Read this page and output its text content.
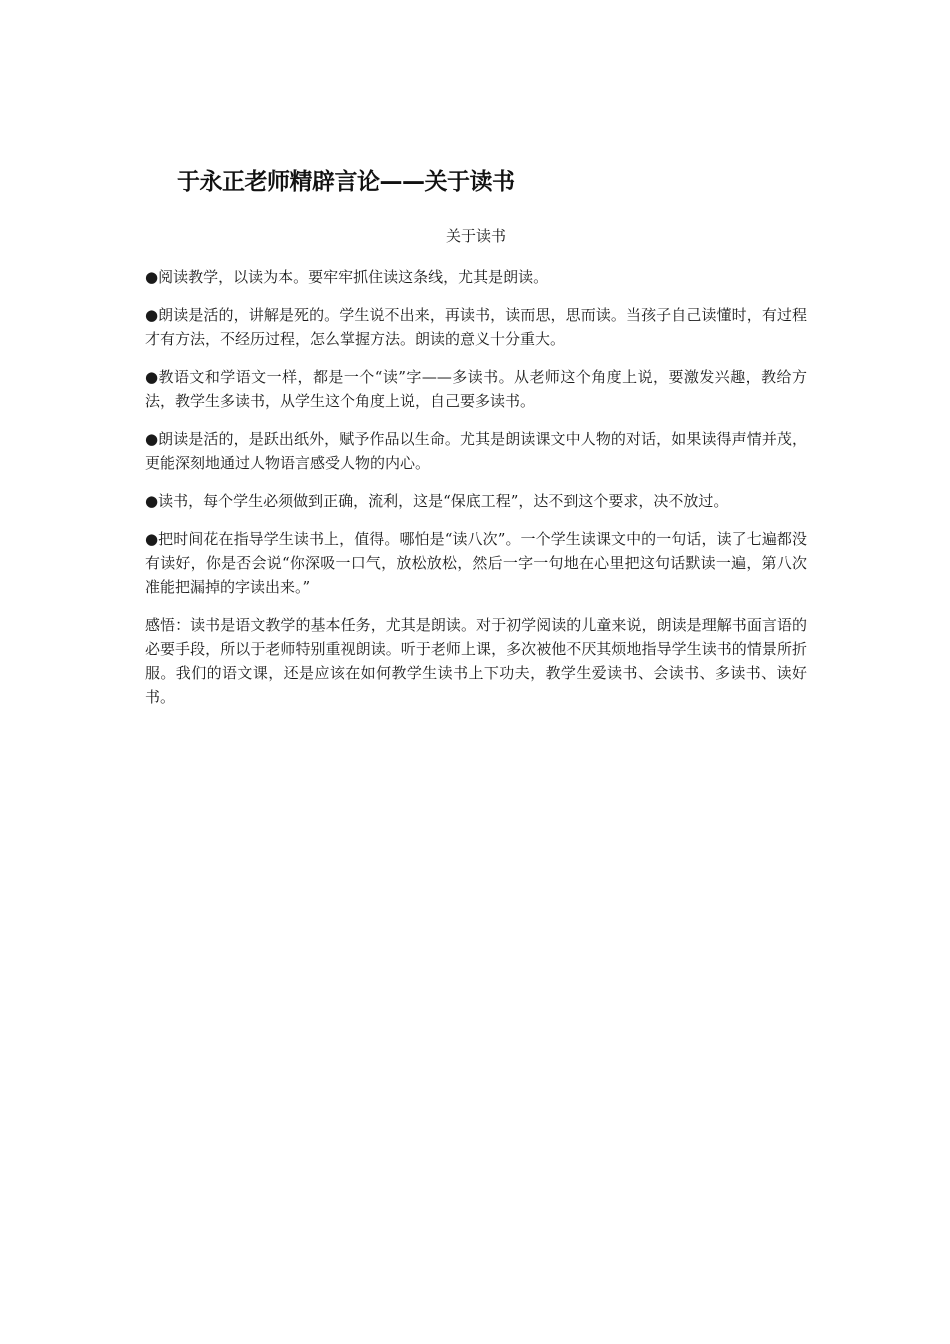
于永正老师精辟言论——关于读书

关于读书

●阅读教学，以读为本。要牢牢抓住读这条线，尤其是朗读。

●朗读是活的，讲解是死的。学生说不出来，再读书，读而思，思而读。当孩子自己读懂时，有过程才有方法，不经历过程，怎么掌握方法。朗读的意义十分重大。

●教语文和学语文一样，都是一个“读”字——多读书。从老师这个角度上说，要激发兴趣，教给方法，教学生多读书，从学生这个角度上说，自己要多读书。

●朗读是活的，是跃出纸外，赋予作品以生命。尤其是朗读课文中人物的对话，如果读得声情并茂，更能深刻地通过人物语言感受人物的内心。

●读书，每个学生必须做到正确，流利，这是“保底工程”，达不到这个要求，决不放过。

●把时间花在指导学生读书上，值得。哪怕是“读八次”。一个学生读课文中的一句话，读了七遍都没有读好，你是否会说“你深吸一口气，放松放松，然后一字一句地在心里把这句话默读一遍，第八次准能把漏掉的字读出来。”

感悟：读书是语文教学的基本任务，尤其是朗读。对于初学阅读的儿童来说，朗读是理解书面言语的必要手段，所以于老师特别重视朗读。听于老师上课，多次被他不厌其烦地指导学生读书的情景所折服。我们的语文课，还是应该在如何教学生读书上下功夫，教学生爱读书、会读书、多读书、读好书。
